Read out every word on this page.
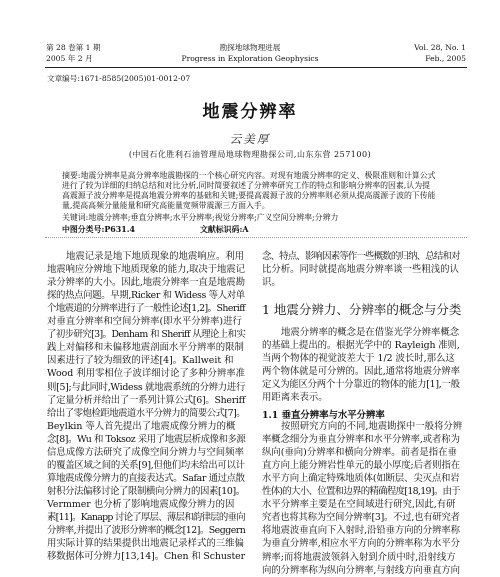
第 28 卷第 1 期
2005 年 2 月
勘探地球物理进展
Progress in Exploration Geophysics
Vol. 28, No. 1
Feb., 2005
文章编号:1671-8585(2005)01-0012-07
地震分辨率
云美厚
(中国石化胜利石油管理局地球物理勘探公司,山东东营 257100)
摘要:地震分辨率是高分辨率地震勘探的一个核心研究内容。对现有地震分辨率的定义、极限准则和计算公式
进行了较为详细的归纳总结和对比分析,同时简要叙述了分辨率研究工作的特点和影响分辨率的因素,认为提
高震源子波分辨率是提高地震分辨率的基础和关键;要提高震源子波的分辨率则必须从提高震源子波的下传能
量,提高高频分量能量和研究高能量宽频带震源三方面入手。
关键词:地震分辨率;垂直分辨率;水平分辨率;视觉分辨率;广义空间分辨率;分辨力
中图分类号:P631.4	文献标识码:A
地震记录是地下地质现象的地震响应。利用
地震响应分辨地下地质现象的能力,取决于地震记
录分辨率的大小。因此,地震分辨率一直是地震勘
探的热点问题。早期,Ricker 和 Widess 等人对单
个地震道的分辨率进行了一般性论述[1,2]。Sheriff
对垂直分辨率和空间分辨率(即水平分辨率)进行
了初步研究[3]。Denham 和 Sheriff 从理论上和实
践上对偏移和未偏移地震剖面水平分辨率的限制
因素进行了较为细致的评述[4]。Kallweit 和
Wood 利用零相位子波详细讨论了多种分辨率准
则[5];与此同时,Widess 就地震系统的分辨力进行
了定量分析并给出了一系列计算公式[6]。Sheriff
给出了零炮检距地震道水平分辨力的简要公式[7]。
Beylkin 等人首先提出了地震成像分辨力的概
念[8]。Wu 和 Toksoz 采用了地震层析成像和多源
信息成像方法研究了成像空间分辨力与空间频率
的覆盖区域之间的关系[9],但他们均未给出可以计
算地震成像分辨力的直接表达式。Safar 通过点散
射积分法偏移讨论了限制横向分辨力的因素[10]。
Vermmer 也分析了影响地震成像分辨力的因
素[11]。Kanapp 讨论了厚层、薄层和韵律层的垂向
分辨率,并提出了波形分辨率的概念[12]。Seggern
用实际计算的结果提供出地震记录样式的三维偏
移数据体可分辨力[13,14]。Chen 和 Schuster
念、特点、影响因素等作一些概数的归纳、总结和对
比分析。同时就提高地震分辨率谈一些粗浅的认
识。
1 地震分辨力、分辨率的概念与分类
地震分辨率的概念是在借鉴光学分辨率概念
的基础上提出的。根据光学中的 Rayleigh 准则,
当两个物体的视觉波差大于 1/2 波长时,那么这
两个物体就是可分辨的。因此,通常将地震分辨率
定义为能区分两个十分靠近的物体的能力[1],一般
用距离来表示。
1.1 垂直分辨率与水平分辨率
按照研究方向的不同,地震勘探中一般将分辨
率概念细分为垂直分辨率和水平分辨率,或者称为
纵向(垂向)分辨率和横向分辨率。前者是指在垂
直方向上能分辨岩性单元的最小厚度;后者则指在
水平方向上确定特殊地质体(如断层、尖灭点和岩
性体)的大小、位置和边界的精确程度[18,19]。由于
水平分辨率主要是在空间域进行研究,因此,有研
究者也将其称为空间分辨率[3]。不过,也有研究者
将地震波垂直向下入射时,沿铅垂方向的分辨率称
为垂直分辨率,相应水平方向的分辨率称为水平分
辨率;而将地震波领斜入射到介质中时,沿射线方
向的分辨率称为纵向分辨率,与射线方向垂直方向
